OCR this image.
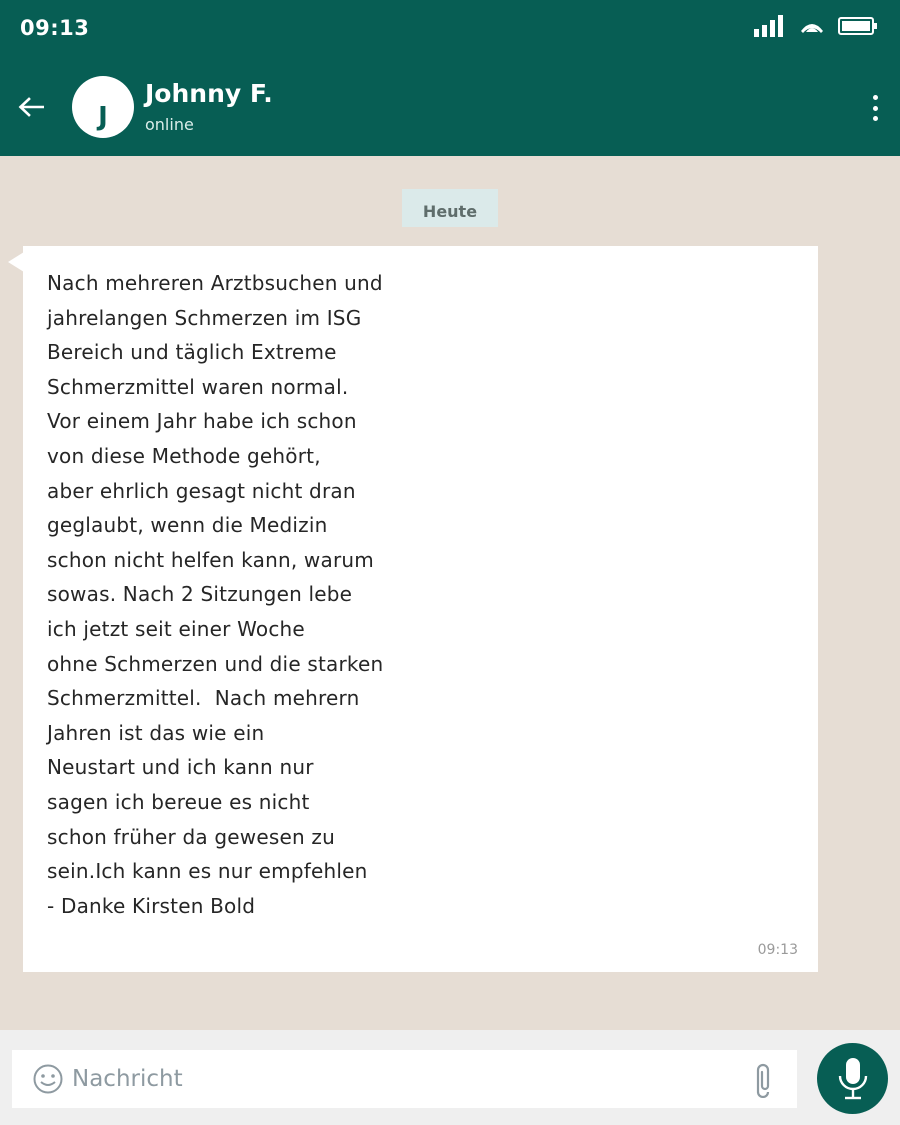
09:13
J
Johnny F.
online
Heute
Nach mehreren Arztbsuchen und
jahrelangen Schmerzen im ISG
Bereich und täglich Extreme
Schmerzmittel waren normal.
Vor einem Jahr habe ich schon
von diese Methode gehört,
aber ehrlich gesagt nicht dran
geglaubt, wenn die Medizin
schon nicht helfen kann, warum
sowas. Nach 2 Sitzungen lebe
ich jetzt seit einer Woche
ohne Schmerzen und die starken
Schmerzmittel.  Nach mehrern
Jahren ist das wie ein
Neustart und ich kann nur
sagen ich bereue es nicht
schon früher da gewesen zu
sein.Ich kann es nur empfehlen
- Danke Kirsten Bold
09:13
Nachricht
